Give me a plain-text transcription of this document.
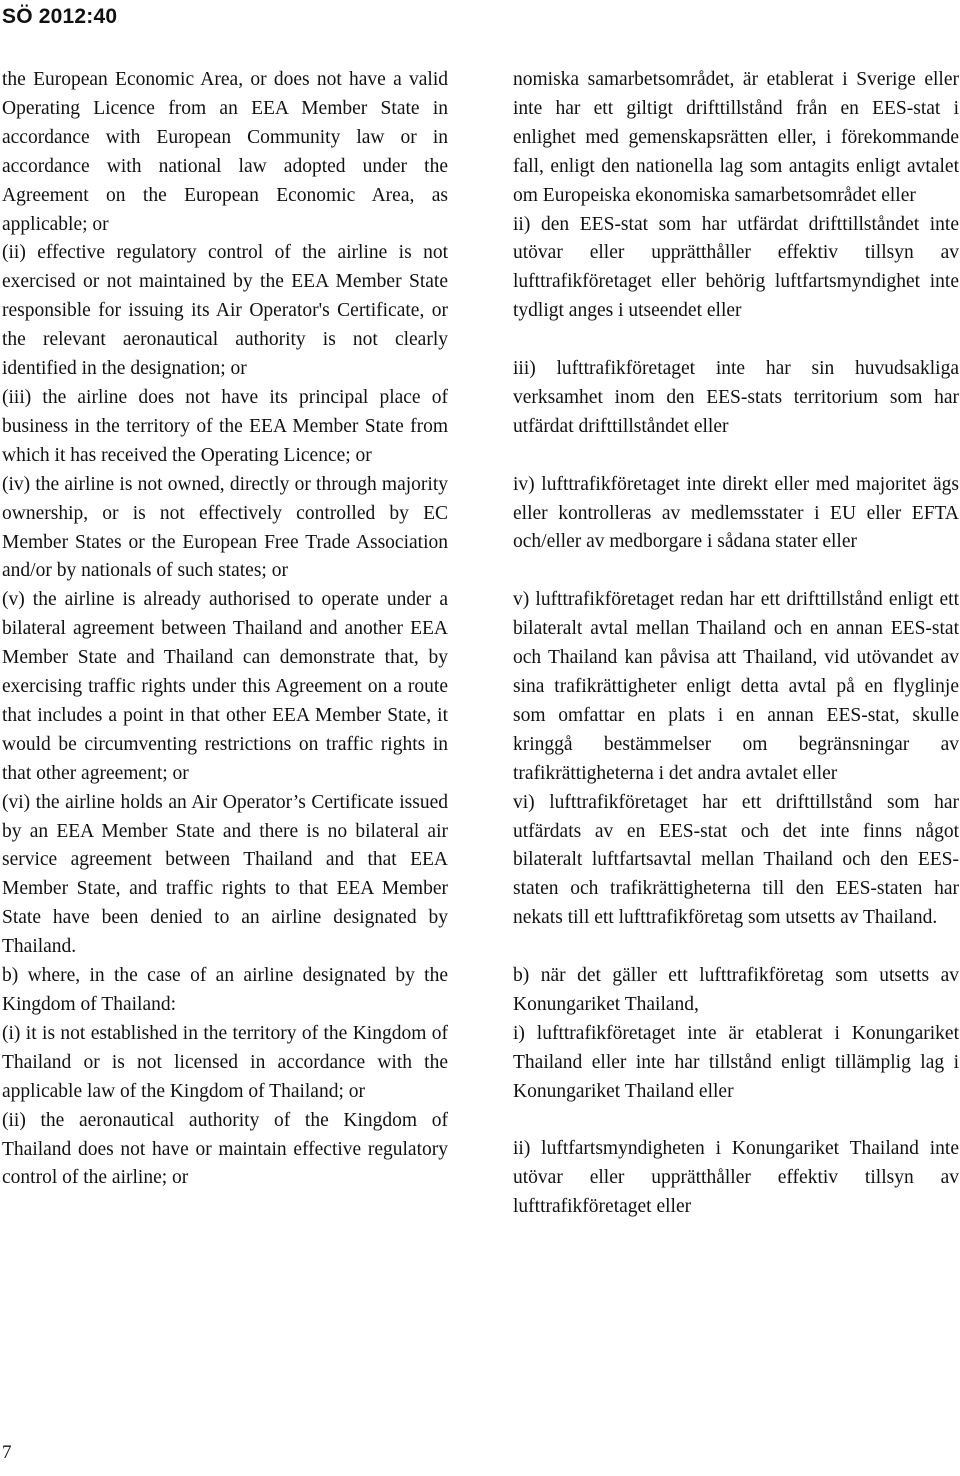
SÖ 2012:40

the European Economic Area, or does not have a valid Operating Licence from an EEA Member State in accordance with European Community law or in accordance with national law adopted under the Agreement on the European Economic Area, as applicable; or

(ii) effective regulatory control of the airline is not exercised or not maintained by the EEA Member State responsible for issuing its Air Operator's Certificate, or the relevant aeronautical authority is not clearly identified in the designation; or

(iii) the airline does not have its principal place of business in the territory of the EEA Member State from which it has received the Operating Licence; or

(iv) the airline is not owned, directly or through majority ownership, or is not effectively controlled by EC Member States or the European Free Trade Association and/or by nationals of such states; or

(v) the airline is already authorised to operate under a bilateral agreement between Thailand and another EEA Member State and Thailand can demonstrate that, by exercising traffic rights under this Agreement on a route that includes a point in that other EEA Member State, it would be circumventing restrictions on traffic rights in that other agreement; or

(vi) the airline holds an Air Operator’s Certificate issued by an EEA Member State and there is no bilateral air service agreement between Thailand and that EEA Member State, and traffic rights to that EEA Member State have been denied to an airline designated by Thailand.

b) where, in the case of an airline designated by the Kingdom of Thailand:

(i) it is not established in the territory of the Kingdom of Thailand or is not licensed in accordance with the applicable law of the Kingdom of Thailand; or

(ii) the aeronautical authority of the Kingdom of Thailand does not have or maintain effective regulatory control of the airline; or

nomiska samarbetsområdet, är etablerat i Sverige eller inte har ett giltigt drifttillstånd från en EES-stat i enlighet med gemenskapsrätten eller, i förekommande fall, enligt den nationella lag som antagits enligt avtalet om Europeiska ekonomiska samarbetsområdet eller

ii) den EES-stat som har utfärdat drifttillståndet inte utövar eller upprätthåller effektiv tillsyn av lufttrafikföretaget eller behörig luftfartsmyndighet inte tydligt anges i utseendet eller

iii) lufttrafikföretaget inte har sin huvudsakliga verksamhet inom den EES-stats territorium som har utfärdat drifttillståndet eller

iv) lufttrafikföretaget inte direkt eller med majoritet ägs eller kontrolleras av medlemsstater i EU eller EFTA och/eller av medborgare i sådana stater eller

v) lufttrafikföretaget redan har ett drifttillstånd enligt ett bilateralt avtal mellan Thailand och en annan EES-stat och Thailand kan påvisa att Thailand, vid utövandet av sina trafikrättigheter enligt detta avtal på en flyglinje som omfattar en plats i en annan EES-stat, skulle kringgå bestämmelser om begränsningar av trafikrättigheterna i det andra avtalet eller

vi) lufttrafikföretaget har ett drifttillstånd som har utfärdats av en EES-stat och det inte finns något bilateralt luftfartsavtal mellan Thailand och den EES-staten och trafikrättigheterna till den EES-staten har nekats till ett lufttrafikföretag som utsetts av Thailand.

b) när det gäller ett lufttrafikföretag som utsetts av Konungariket Thailand,

i) lufttrafikföretaget inte är etablerat i Konungariket Thailand eller inte har tillstånd enligt tillämplig lag i Konungariket Thailand eller

ii) luftfartsmyndigheten i Konungariket Thailand inte utövar eller upprätthåller effektiv tillsyn av lufttrafikföretaget eller

7
